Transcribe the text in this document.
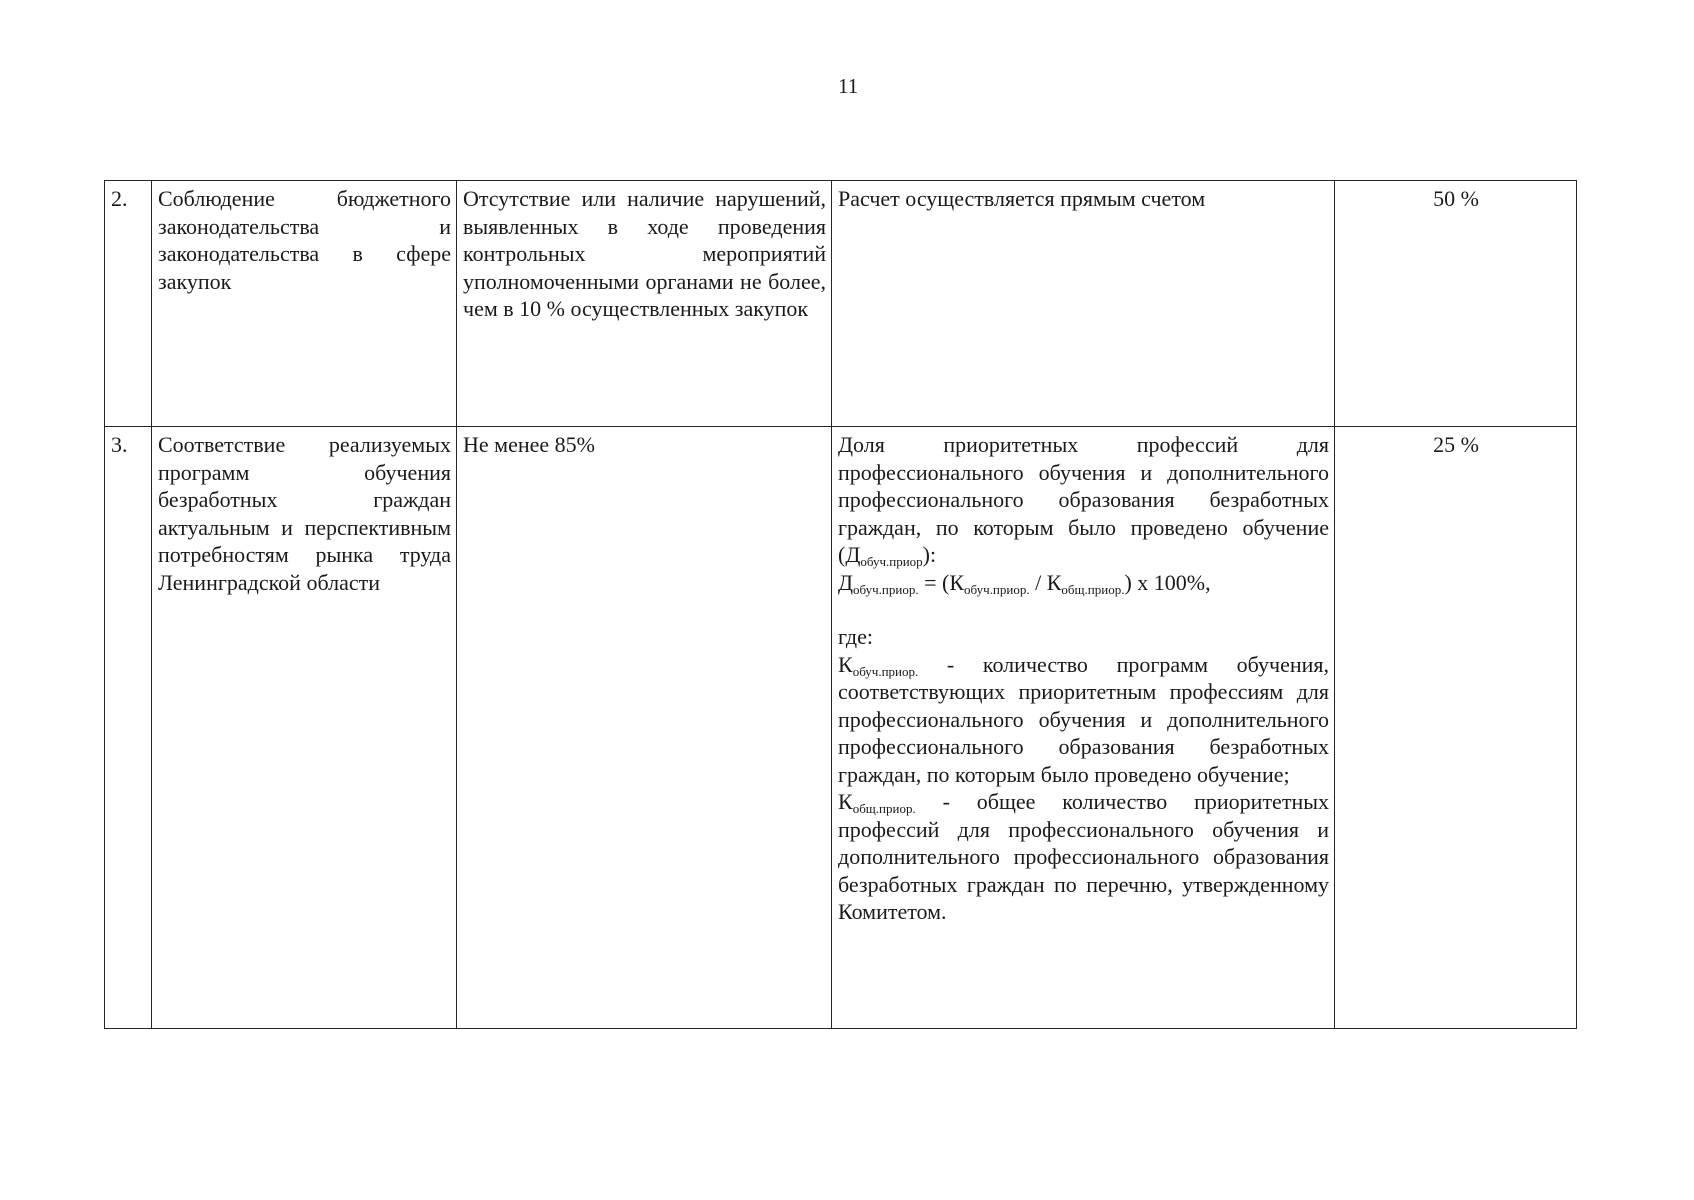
11
2.	Соблюдение бюджетного законодательства и законодательства в сфере закупок	Отсутствие или наличие нарушений, выявленных в ходе проведения контрольных мероприятий уполномоченными органами не более, чем в 10 % осуществленных закупок	Расчет осуществляется прямым счетом	50 %
3.	Соответствие реализуемых программ обучения безработных граждан актуальным и перспективным потребностям рынка труда Ленинградской области	Не менее 85%	Доля приоритетных профессий для профессионального обучения и дополнительного профессионального образования безработных граждан, по которым было проведено обучение $(Д_{обуч.приор})$:

$Д_{обуч.приор.} = (К_{обуч.приор.} / К_{общ.приор.})$ х 100%,

где:

$К_{обуч.приор.}$ - количество программ обучения, соответствующих приоритетным профессиям для профессионального обучения и дополнительного профессионального образования безработных граждан, по которым было проведено обучение;

$К_{общ.приор.}$ - общее количество приоритетных профессий для профессионального обучения и дополнительного профессионального образования безработных граждан по перечню, утвержденному Комитетом.	25 %
